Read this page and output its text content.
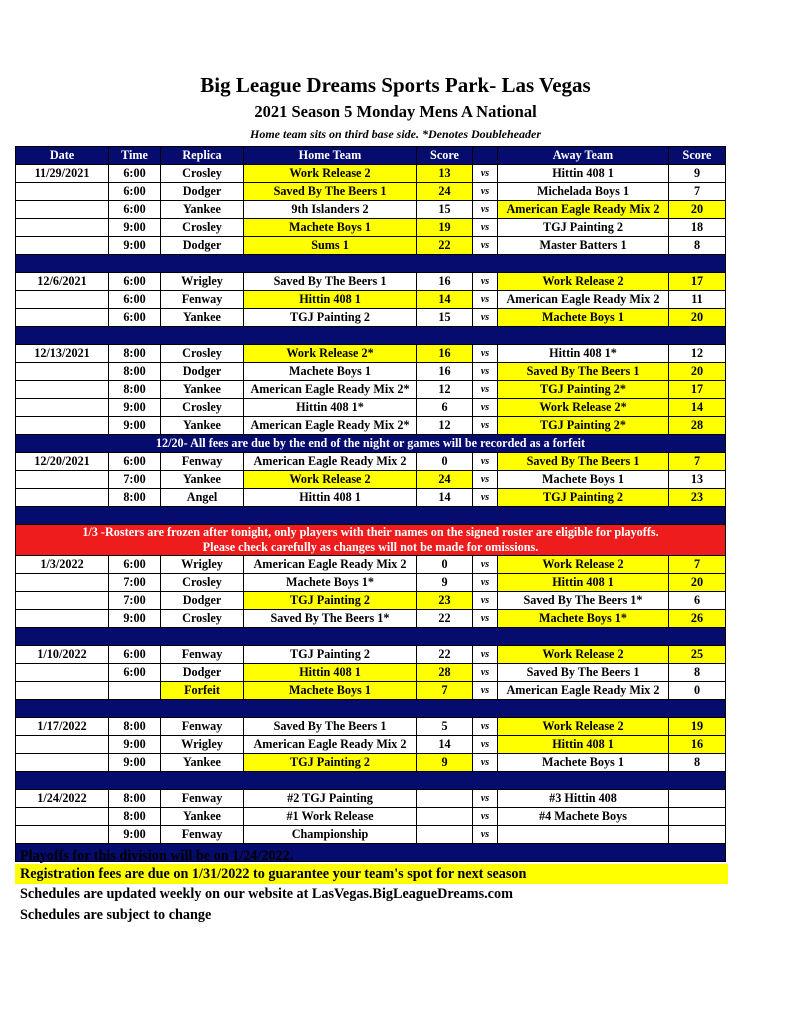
Big League Dreams Sports Park- Las Vegas
2021 Season 5 Monday Mens A National
Home team sits on third base side. *Denotes Doubleheader
Date	Time	Replica	Home Team	Score		Away Team	Score
11/29/2021	6:00	Crosley	Work Release 2	13	vs	Hittin 408 1	9
	6:00	Dodger	Saved By The Beers 1	24	vs	Michelada Boys 1	7
	6:00	Yankee	9th Islanders 2	15	vs	American Eagle Ready Mix 2	20
	9:00	Crosley	Machete Boys 1	19	vs	TGJ Painting 2	18
	9:00	Dodger	Sums 1	22	vs	Master Batters 1	8

12/6/2021	6:00	Wrigley	Saved By The Beers 1	16	vs	Work Release 2	17
	6:00	Fenway	Hittin 408 1	14	vs	American Eagle Ready Mix 2	11
	6:00	Yankee	TGJ Painting 2	15	vs	Machete Boys 1	20

12/13/2021	8:00	Crosley	Work Release 2*	16	vs	Hittin 408 1*	12
	8:00	Dodger	Machete Boys 1	16	vs	Saved By The Beers 1	20
	8:00	Yankee	American Eagle Ready Mix 2*	12	vs	TGJ Painting 2*	17
	9:00	Crosley	Hittin 408 1*	6	vs	Work Release 2*	14
	9:00	Yankee	American Eagle Ready Mix 2*	12	vs	TGJ Painting 2*	28
12/20- All fees are due by the end of the night or games will be recorded as a forfeit							
12/20/2021	6:00	Fenway	American Eagle Ready Mix 2	0	vs	Saved By The Beers 1	7
	7:00	Yankee	Work Release 2	24	vs	Machete Boys 1	13
	8:00	Angel	Hittin 408 1	14	vs	TGJ Painting 2	23

1/3 -Rosters are frozen after tonight, only players with their names on the signed roster are eligible for playoffs.
Please check carefully as changes will not be made for omissions.							

1/3/2022	6:00	Wrigley	American Eagle Ready Mix 2	0	vs	Work Release 2	7
	7:00	Crosley	Machete Boys 1*	9	vs	Hittin 408 1	20
	7:00	Dodger	TGJ Painting 2	23	vs	Saved By The Beers 1*	6
	9:00	Crosley	Saved By The Beers 1*	22	vs	Machete Boys 1*	26

1/10/2022	6:00	Fenway	TGJ Painting 2	22	vs	Work Release 2	25
	6:00	Dodger	Hittin 408 1	28	vs	Saved By The Beers 1	8
		Forfeit	Machete Boys 1	7	vs	American Eagle Ready Mix 2	0

1/17/2022	8:00	Fenway	Saved By The Beers 1	5	vs	Work Release 2	19
	9:00	Wrigley	American Eagle Ready Mix 2	14	vs	Hittin 408 1	16
	9:00	Yankee	TGJ Painting 2	9	vs	Machete Boys 1	8

1/24/2022	8:00	Fenway	#2 TGJ Painting		vs	#3 Hittin 408	
	8:00	Yankee	#1 Work Release		vs	#4 Machete Boys	
	9:00	Fenway	Championship		vs		

Playoffs for this division will be on 1/24/2022.
Registration fees are due on 1/31/2022 to guarantee your team's spot for next season
Schedules are updated weekly on our website at LasVegas.BigLeagueDreams.com
Schedules are subject to change
